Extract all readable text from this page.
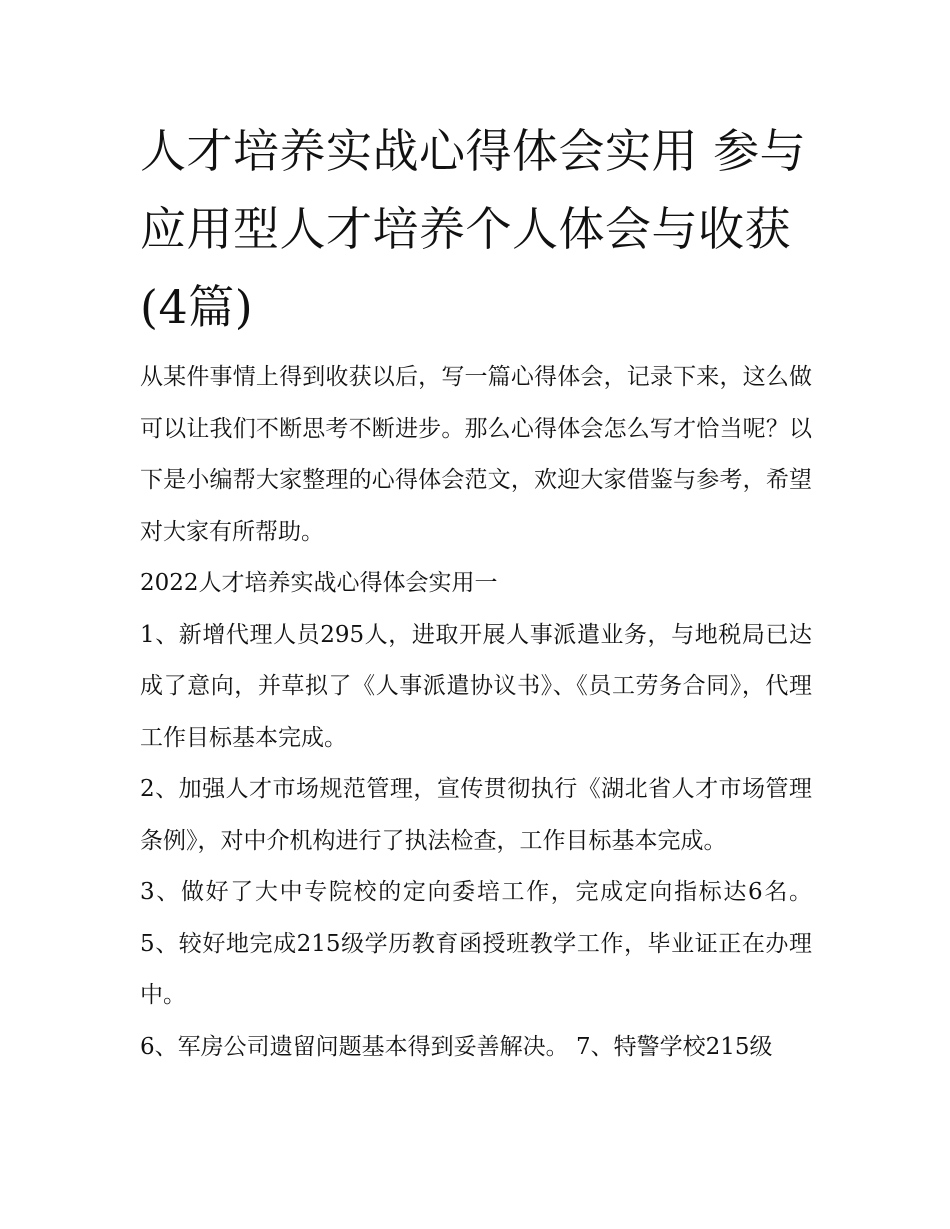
人才培养实战心得体会实用 参与应用型人才培养个人体会与收获(4篇)

从某件事情上得到收获以后，写一篇心得体会，记录下来，这么做可以让我们不断思考不断进步。那么心得体会怎么写才恰当呢？以下是小编帮大家整理的心得体会范文，欢迎大家借鉴与参考，希望对大家有所帮助。

2022人才培养实战心得体会实用一

1、新增代理人员295人，进取开展人事派遣业务，与地税局已达成了意向，并草拟了《人事派遣协议书》、《员工劳务合同》，代理工作目标基本完成。

2、加强人才市场规范管理，宣传贯彻执行《湖北省人才市场管理条例》，对中介机构进行了执法检查，工作目标基本完成。

3、做好了大中专院校的定向委培工作，完成定向指标达6名。 5、较好地完成215级学历教育函授班教学工作，毕业证正在办理中。

6、军房公司遗留问题基本得到妥善解决。 7、特警学校215级
